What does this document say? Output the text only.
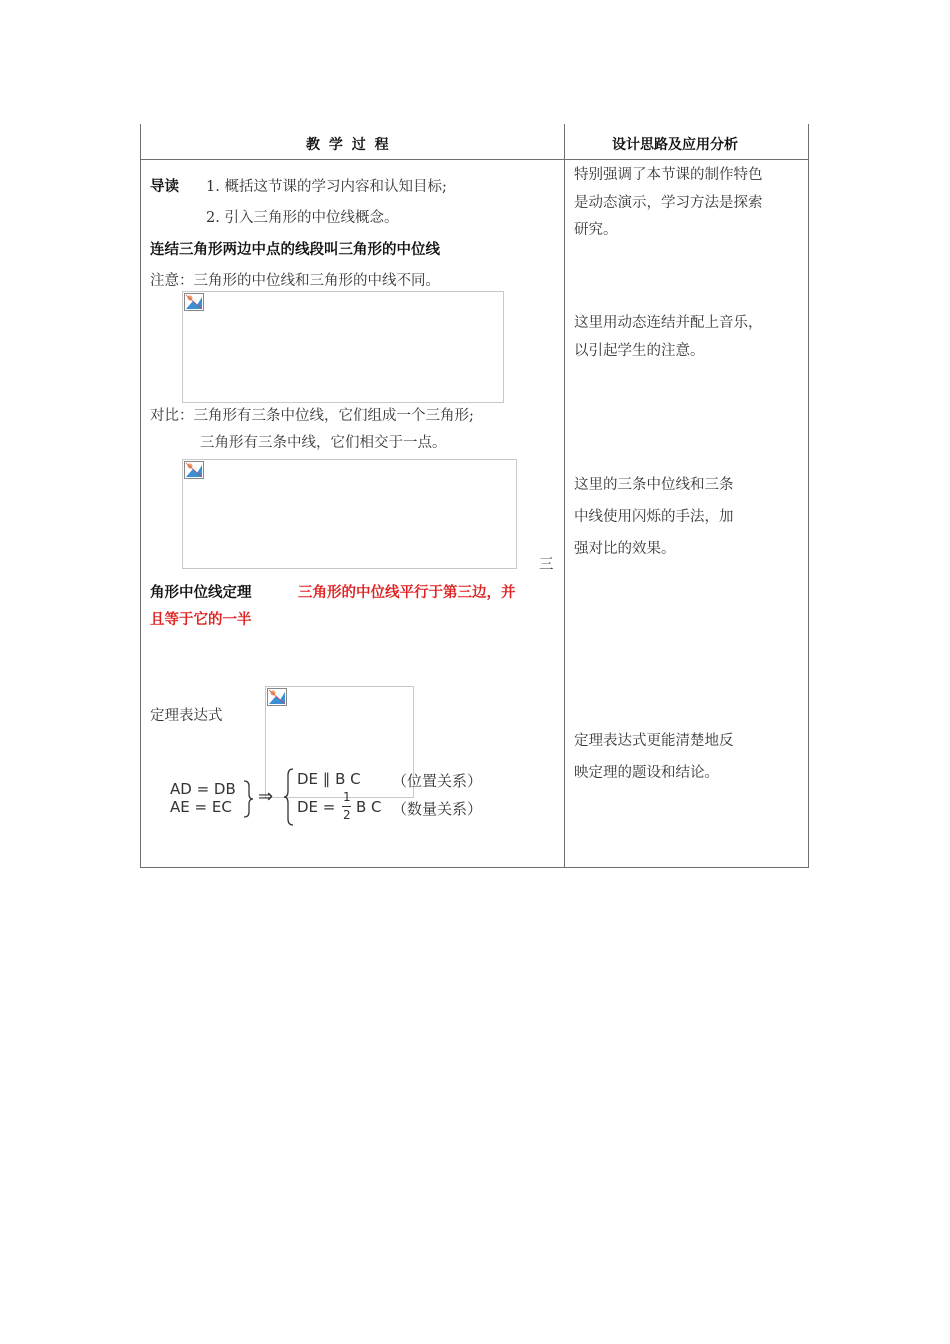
教 学 过 程	设计思路及应用分析
导读 1. 概括这节课的学习内容和认知目标;
2. 引入三角形的中位线概念。
连结三角形两边中点的线段叫三角形的中位线
注意：三角形的中位线和三角形的中线不同。
对比：三角形有三条中位线，它们组成一个三角形;
三角形有三条中线，它们相交于一点。
三
角形中位线定理	三角形的中位线平行于第三边，并
且等于它的一半
定理表达式
AD = DB
AE = EC ⇒
DE ∥ B C （位置关系）
DE =
1
2 B C （数量关系）
特别强调了本节课的制作特色
是动态演示，学习方法是探索
研究。
这里用动态连结并配上音乐，
以引起学生的注意。
这里的三条中位线和三条
中线使用闪烁的手法，加
强对比的效果。
定理表达式更能清楚地反
映定理的题设和结论。
